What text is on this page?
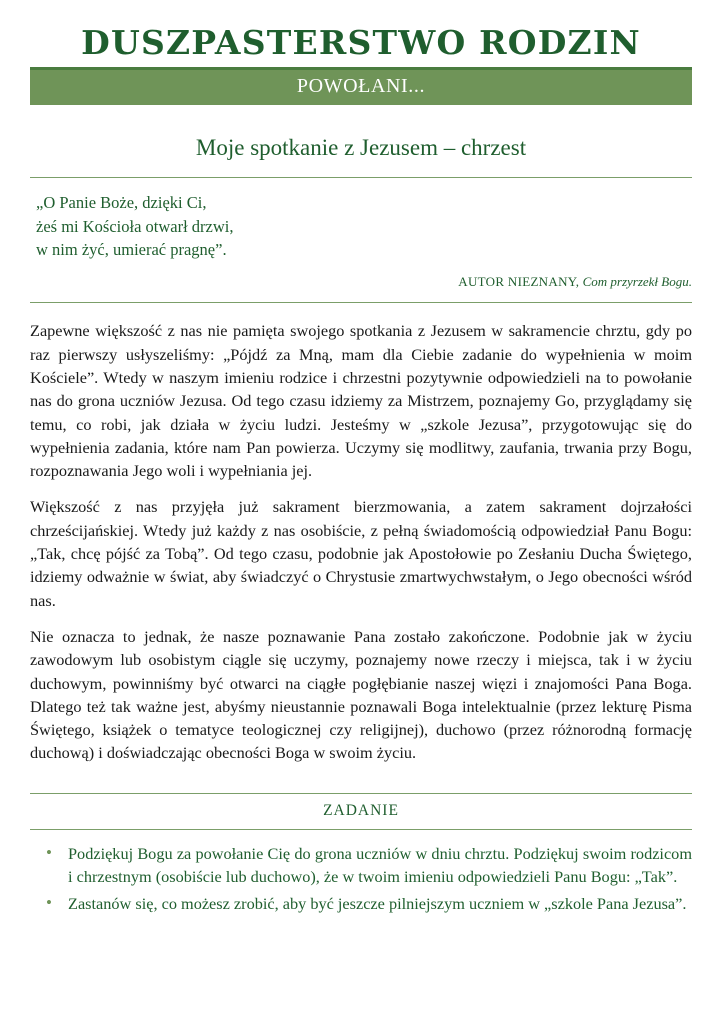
DUSZPASTERSTWO RODZIN
POWOŁANI...
Moje spotkanie z Jezusem – chrzest
„O Panie Boże, dzięki Ci,
żeś mi Kościoła otwarł drzwi,
w nim żyć, umierać pragnę”.
AUTOR NIEZNANY, Com przyrzekł Bogu.

Zapewne większość z nas nie pamięta swojego spotkania z Jezusem w sakramencie chrztu, gdy po raz pierwszy usłyszeliśmy: „Pójdź za Mną, mam dla Ciebie zadanie do wypełnienia w moim Kościele”. Wtedy w naszym imieniu rodzice i chrzestni pozytywnie odpowiedzieli na to powołanie nas do grona uczniów Jezusa. Od tego czasu idziemy za Mistrzem, poznajemy Go, przyglądamy się temu, co robi, jak działa w życiu ludzi. Jesteśmy w „szkole Jezusa”, przygotowując się do wypełnienia zadania, które nam Pan powierza. Uczymy się modlitwy, zaufania, trwania przy Bogu, rozpoznawania Jego woli i wypełniania jej.

Większość z nas przyjęła już sakrament bierzmowania, a zatem sakrament dojrzałości chrześcijańskiej. Wtedy już każdy z nas osobiście, z pełną świadomością odpowiedział Panu Bogu: „Tak, chcę pójść za Tobą”. Od tego czasu, podobnie jak Apostołowie po Zesłaniu Ducha Świętego, idziemy odważnie w świat, aby świadczyć o Chrystusie zmartwychwstałym, o Jego obecności wśród nas.

Nie oznacza to jednak, że nasze poznawanie Pana zostało zakończone. Podobnie jak w życiu zawodowym lub osobistym ciągle się uczymy, poznajemy nowe rzeczy i miejsca, tak i w życiu duchowym, powinniśmy być otwarci na ciągłe pogłębianie naszej więzi i znajomości Pana Boga. Dlatego też tak ważne jest, abyśmy nieustannie poznawali Boga intelektualnie (przez lekturę Pisma Świętego, książek o tematyce teologicznej czy religijnej), duchowo (przez różnorodną formację duchową) i doświadczając obecności Boga w swoim życiu.

ZADANIE
• Podziękuj Bogu za powołanie Cię do grona uczniów w dniu chrztu. Podziękuj swoim rodzicom i chrzestnym (osobiście lub duchowo), że w twoim imieniu odpowiedzieli Panu Bogu: „Tak”.
• Zastanów się, co możesz zrobić, aby być jeszcze pilniejszym uczniem w „szkole Pana Jezusa”.
